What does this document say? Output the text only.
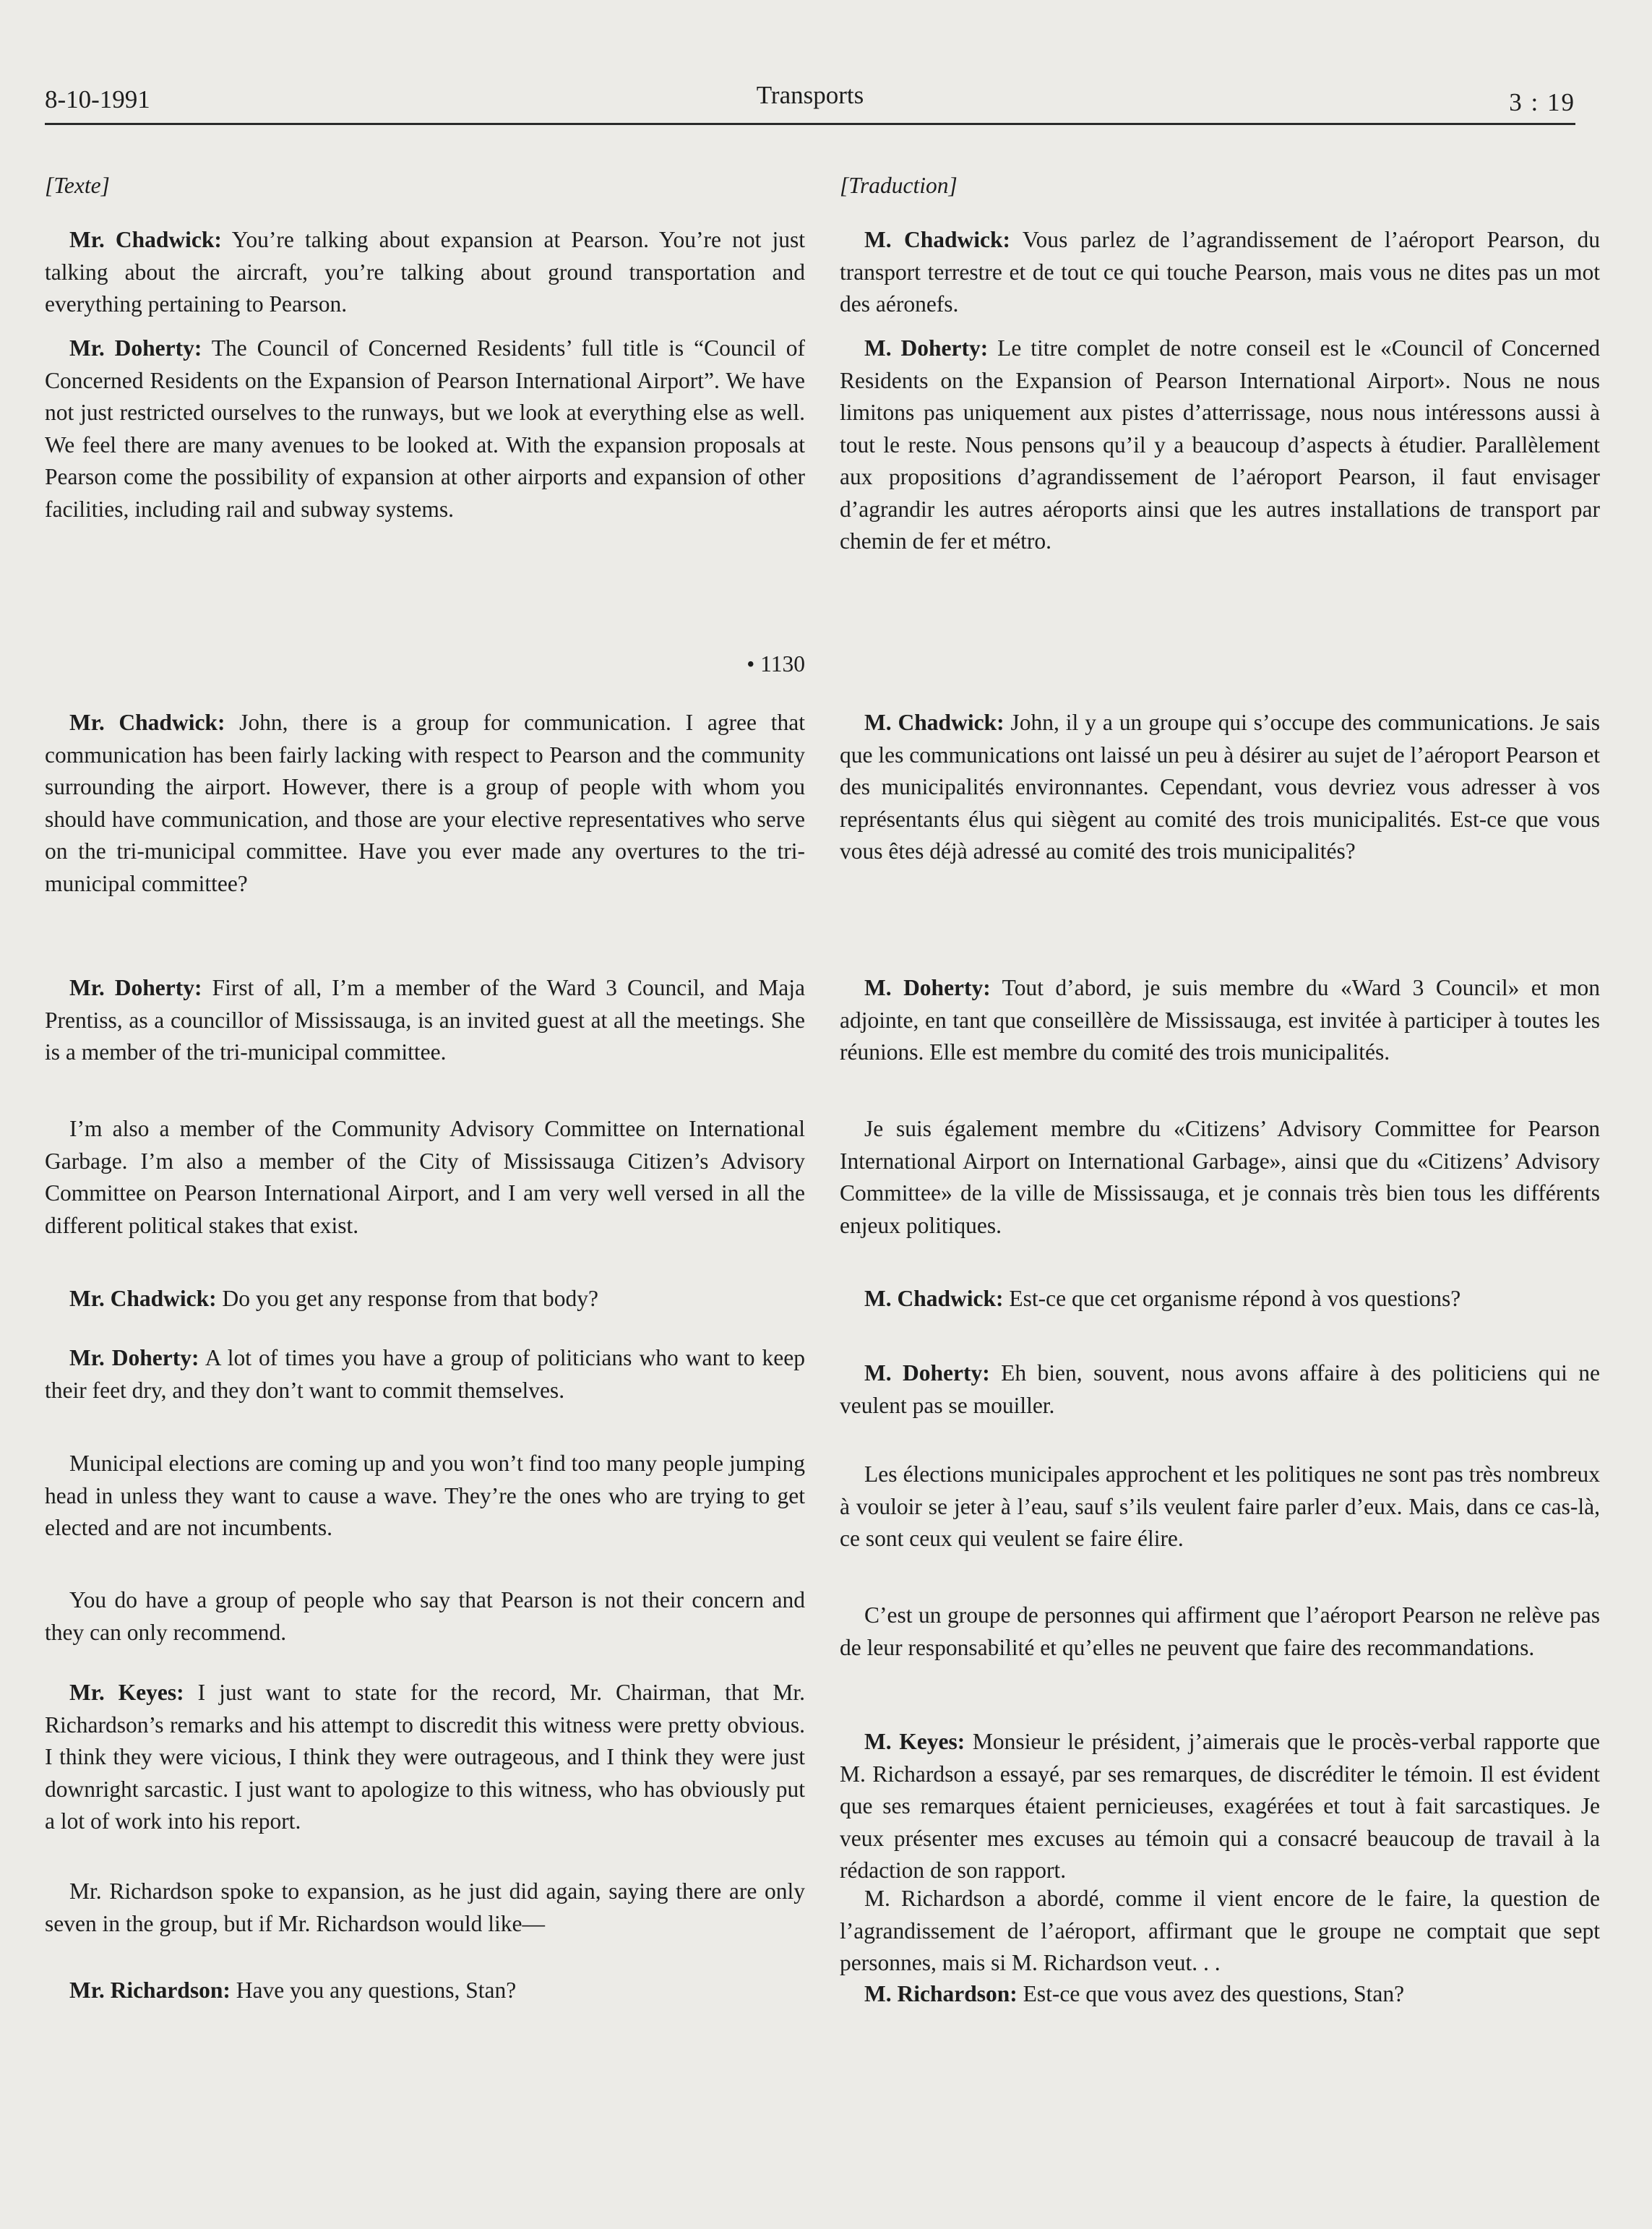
8-10-1991	Transports	3 : 19

[Texte]

Mr. Chadwick: You’re talking about expansion at Pearson. You’re not just talking about the aircraft, you’re talking about ground transportation and everything pertaining to Pearson.

Mr. Doherty: The Council of Concerned Residents’ full title is “Council of Concerned Residents on the Expansion of Pearson International Airport”. We have not just restricted ourselves to the runways, but we look at everything else as well. We feel there are many avenues to be looked at. With the expansion proposals at Pearson come the possibility of expansion at other airports and expansion of other facilities, including rail and subway systems.

• 1130

Mr. Chadwick: John, there is a group for communication. I agree that communication has been fairly lacking with respect to Pearson and the community surrounding the airport. However, there is a group of people with whom you should have communication, and those are your elective representatives who serve on the tri-municipal committee. Have you ever made any overtures to the tri-municipal committee?

Mr. Doherty: First of all, I’m a member of the Ward 3 Council, and Maja Prentiss, as a councillor of Mississauga, is an invited guest at all the meetings. She is a member of the tri-municipal committee.

I’m also a member of the Community Advisory Committee on International Garbage. I’m also a member of the City of Mississauga Citizen’s Advisory Committee on Pearson International Airport, and I am very well versed in all the different political stakes that exist.

Mr. Chadwick: Do you get any response from that body?

Mr. Doherty: A lot of times you have a group of politicians who want to keep their feet dry, and they don’t want to commit themselves.

Municipal elections are coming up and you won’t find too many people jumping head in unless they want to cause a wave. They’re the ones who are trying to get elected and are not incumbents.

You do have a group of people who say that Pearson is not their concern and they can only recommend.

Mr. Keyes: I just want to state for the record, Mr. Chairman, that Mr. Richardson’s remarks and his attempt to discredit this witness were pretty obvious. I think they were vicious, I think they were outrageous, and I think they were just downright sarcastic. I just want to apologize to this witness, who has obviously put a lot of work into his report.

Mr. Richardson spoke to expansion, as he just did again, saying there are only seven in the group, but if Mr. Richardson would like—

Mr. Richardson: Have you any questions, Stan?

[Traduction]

M. Chadwick: Vous parlez de l’agrandissement de l’aéroport Pearson, du transport terrestre et de tout ce qui touche Pearson, mais vous ne dites pas un mot des aéronefs.

M. Doherty: Le titre complet de notre conseil est le «Council of Concerned Residents on the Expansion of Pearson International Airport». Nous ne nous limitons pas uniquement aux pistes d’atterrissage, nous nous intéressons aussi à tout le reste. Nous pensons qu’il y a beaucoup d’aspects à étudier. Parallèlement aux propositions d’agrandissement de l’aéroport Pearson, il faut envisager d’agrandir les autres aéroports ainsi que les autres installations de transport par chemin de fer et métro.

M. Chadwick: John, il y a un groupe qui s’occupe des communications. Je sais que les communications ont laissé un peu à désirer au sujet de l’aéroport Pearson et des municipalités environnantes. Cependant, vous devriez vous adresser à vos représentants élus qui siègent au comité des trois municipalités. Est-ce que vous vous êtes déjà adressé au comité des trois municipalités?

M. Doherty: Tout d’abord, je suis membre du «Ward 3 Council» et mon adjointe, en tant que conseillère de Mississauga, est invitée à participer à toutes les réunions. Elle est membre du comité des trois municipalités.

Je suis également membre du «Citizens’ Advisory Committee for Pearson International Airport on International Garbage», ainsi que du «Citizens’ Advisory Committee» de la ville de Mississauga, et je connais très bien tous les différents enjeux politiques.

M. Chadwick: Est-ce que cet organisme répond à vos questions?

M. Doherty: Eh bien, souvent, nous avons affaire à des politiciens qui ne veulent pas se mouiller.

Les élections municipales approchent et les politiques ne sont pas très nombreux à vouloir se jeter à l’eau, sauf s’ils veulent faire parler d’eux. Mais, dans ce cas-là, ce sont ceux qui veulent se faire élire.

C’est un groupe de personnes qui affirment que l’aéroport Pearson ne relève pas de leur responsabilité et qu’elles ne peuvent que faire des recommandations.

M. Keyes: Monsieur le président, j’aimerais que le procès-verbal rapporte que M. Richardson a essayé, par ses remarques, de discréditer le témoin. Il est évident que ses remarques étaient pernicieuses, exagérées et tout à fait sarcastiques. Je veux présenter mes excuses au témoin qui a consacré beaucoup de travail à la rédaction de son rapport.

M. Richardson a abordé, comme il vient encore de le faire, la question de l’agrandissement de l’aéroport, affirmant que le groupe ne comptait que sept personnes, mais si M. Richardson veut. . .

M. Richardson: Est-ce que vous avez des questions, Stan?
